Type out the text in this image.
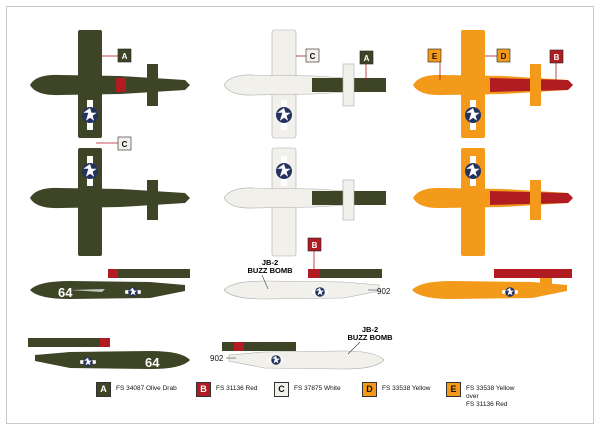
64
64
JB-2
BUZZ BOMB
JB-2
BUZZ BOMB
902
902
A
C
C	A	E	D	B
B
A	FS 34087 Olive Drab	B	FS 31136 Red	C	FS 37875 White	D	FS 33538 Yellow	E	FS 33538 Yellow
over
FS 31136 Red
